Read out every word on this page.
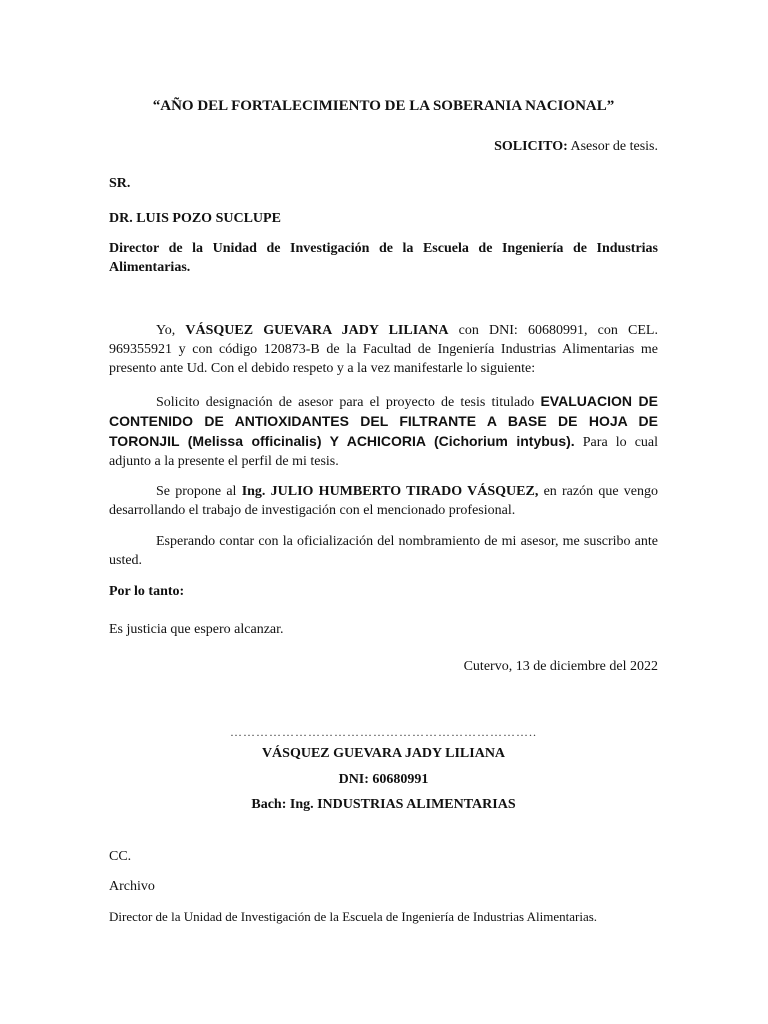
“AÑO DEL FORTALECIMIENTO DE LA SOBERANIA NACIONAL”

SOLICITO: Asesor de tesis.

SR.

DR. LUIS POZO SUCLUPE

Director de la Unidad de Investigación de la Escuela de Ingeniería de Industrias Alimentarias.

Yo, VÁSQUEZ GUEVARA JADY LILIANA con DNI: 60680991, con CEL. 969355921 y con código 120873-B de la Facultad de Ingeniería Industrias Alimentarias me presento ante Ud. Con el debido respeto y a la vez manifestarle lo siguiente:

Solicito designación de asesor para el proyecto de tesis titulado EVALUACION DE CONTENIDO DE ANTIOXIDANTES DEL FILTRANTE A BASE DE HOJA DE TORONJIL (Melissa officinalis) Y ACHICORIA (Cichorium intybus). Para lo cual adjunto a la presente el perfil de mi tesis.

Se propone al Ing. JULIO HUMBERTO TIRADO VÁSQUEZ, en razón que vengo desarrollando el trabajo de investigación con el mencionado profesional.

Esperando contar con la oficialización del nombramiento de mi asesor, me suscribo ante usted.

Por lo tanto:

Es justicia que espero alcanzar.

Cutervo, 13 de diciembre del 2022

……………………………………………………………..

VÁSQUEZ GUEVARA JADY LILIANA

DNI: 60680991

Bach: Ing. INDUSTRIAS ALIMENTARIAS

CC.

Archivo

Director de la Unidad de Investigación de la Escuela de Ingeniería de Industrias Alimentarias.
